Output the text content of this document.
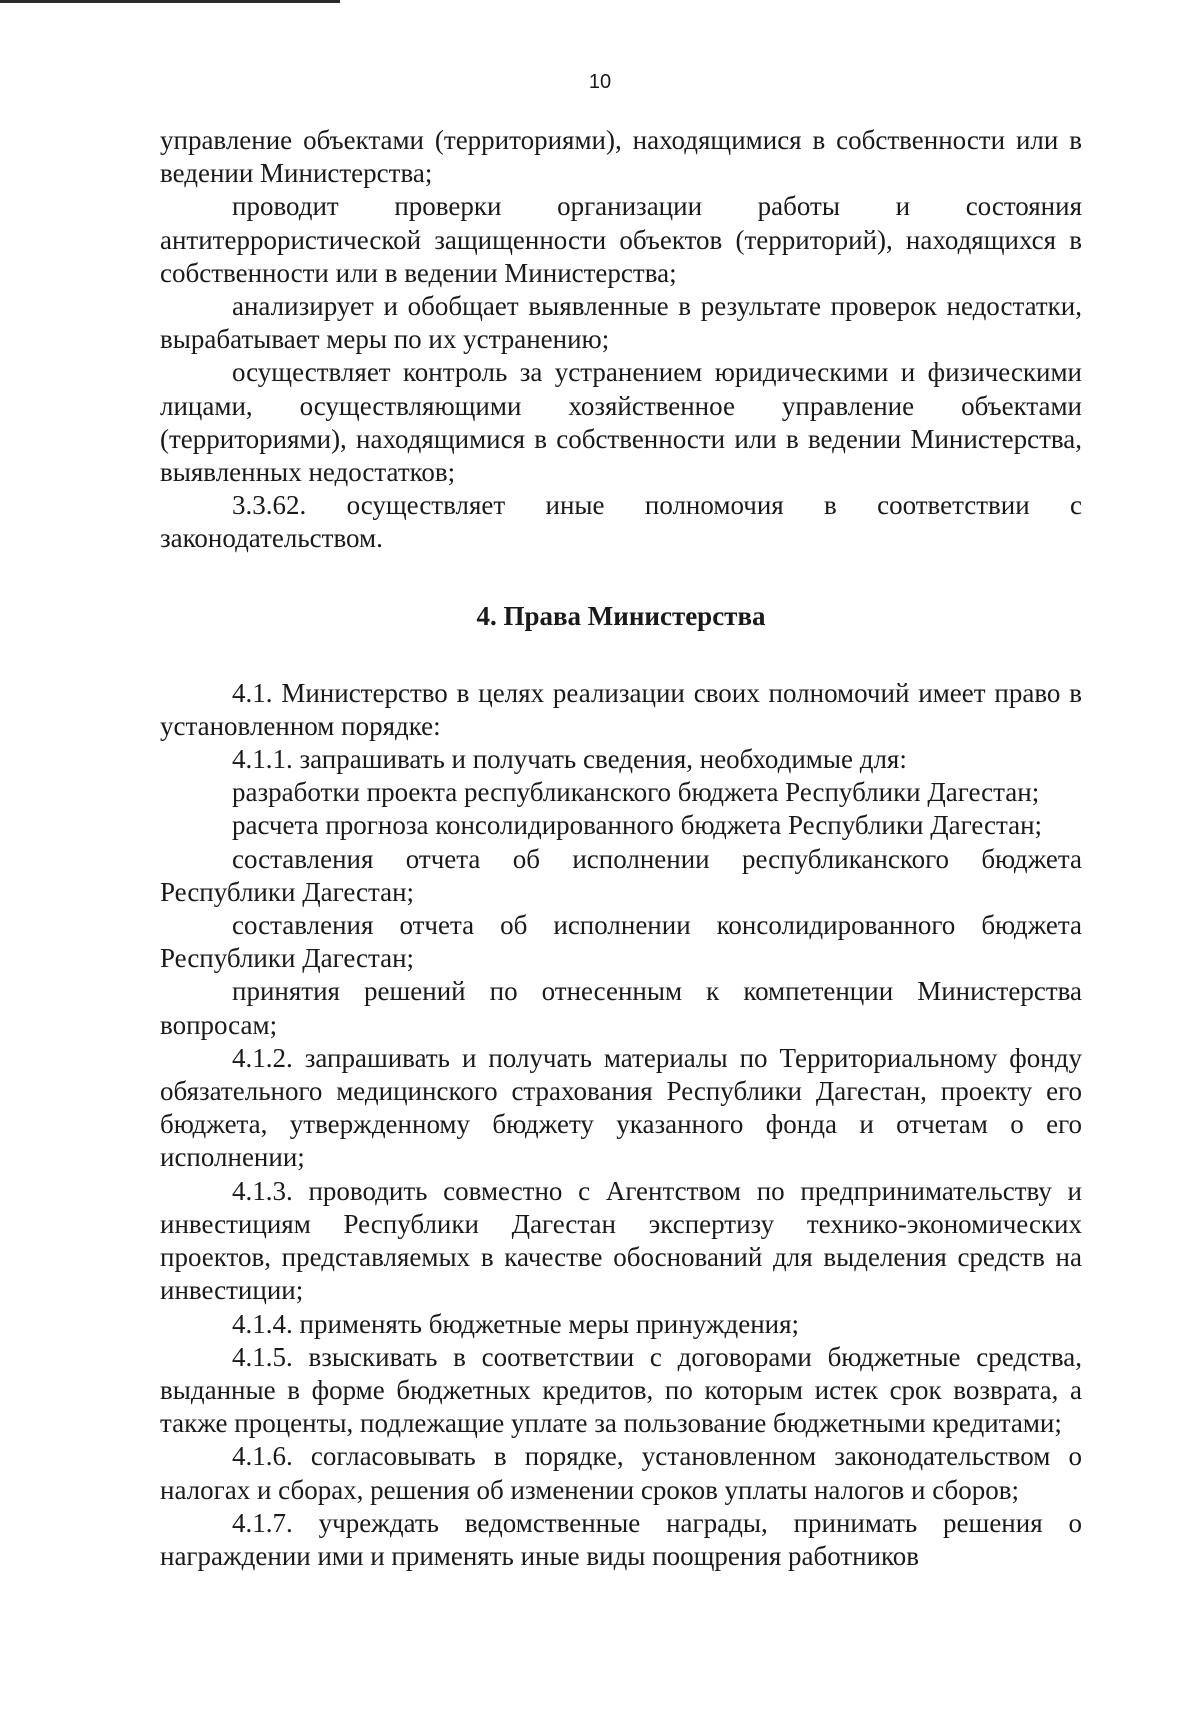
10

управление объектами (территориями), находящимися в собственности или в ведении Министерства;

проводит проверки организации работы и состояния антитеррористической защищенности объектов (территорий), находящихся в собственности или в ведении Министерства;

анализирует и обобщает выявленные в результате проверок недостатки, вырабатывает меры по их устранению;

осуществляет контроль за устранением юридическими и физическими лицами, осуществляющими хозяйственное управление объектами (территориями), находящимися в собственности или в ведении Министерства, выявленных недостатков;

3.3.62. осуществляет иные полномочия в соответствии с законодательством.

4. Права Министерства

4.1. Министерство в целях реализации своих полномочий имеет право в установленном порядке:

4.1.1. запрашивать и получать сведения, необходимые для:

разработки проекта республиканского бюджета Республики Дагестан;

расчета прогноза консолидированного бюджета Республики Дагестан;

составления отчета об исполнении республиканского бюджета Республики Дагестан;

составления отчета об исполнении консолидированного бюджета Республики Дагестан;

принятия решений по отнесенным к компетенции Министерства вопросам;

4.1.2. запрашивать и получать материалы по Территориальному фонду обязательного медицинского страхования Республики Дагестан, проекту его бюджета, утвержденному бюджету указанного фонда и отчетам о его исполнении;

4.1.3. проводить совместно с Агентством по предпринимательству и инвестициям Республики Дагестан экспертизу технико-экономических проектов, представляемых в качестве обоснований для выделения средств на инвестиции;

4.1.4. применять бюджетные меры принуждения;

4.1.5. взыскивать в соответствии с договорами бюджетные средства, выданные в форме бюджетных кредитов, по которым истек срок возврата, а также проценты, подлежащие уплате за пользование бюджетными кредитами;

4.1.6. согласовывать в порядке, установленном законодательством о налогах и сборах, решения об изменении сроков уплаты налогов и сборов;

4.1.7. учреждать ведомственные награды, принимать решения о награждении ими и применять иные виды поощрения работников
